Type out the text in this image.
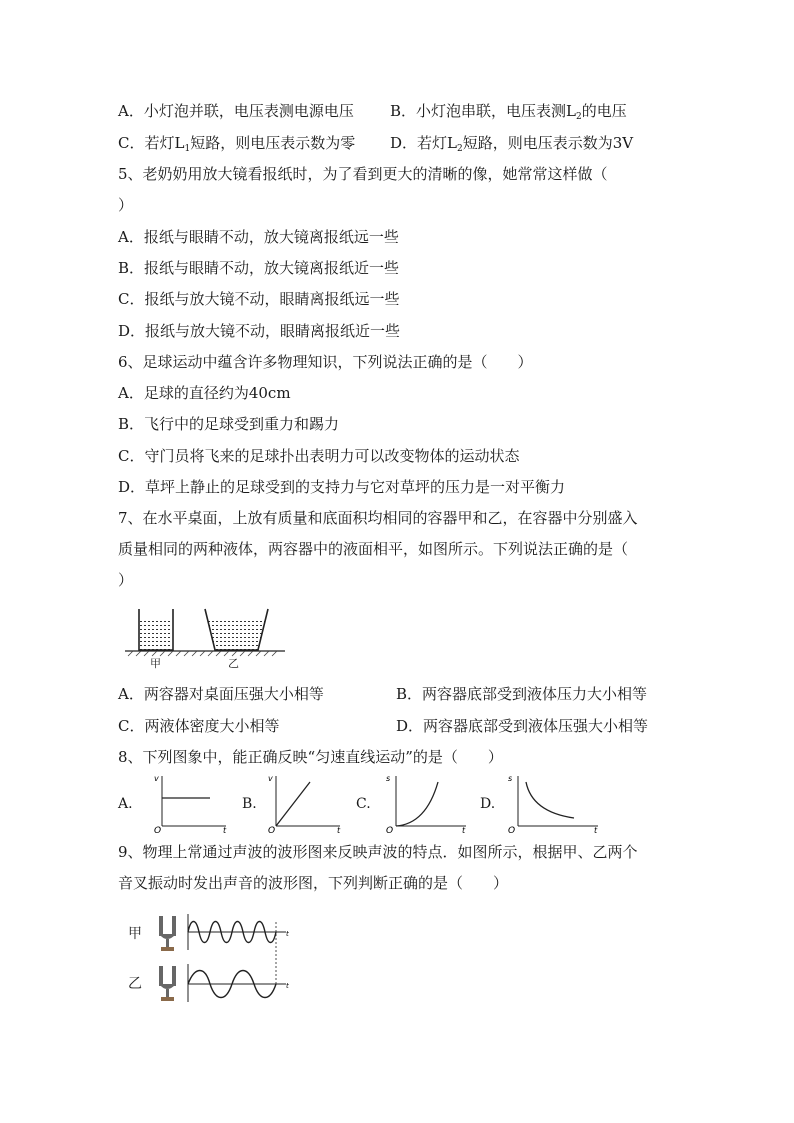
A．小灯泡并联，电压表测电源电压 B．小灯泡串联，电压表测$L_2$的电压
C．若灯$L_1$短路，则电压表示数为零 D．若灯$L_2$短路，则电压表示数为3V
5、老奶奶用放大镜看报纸时，为了看到更大的清晰的像，她常常这样做（
）
A．报纸与眼睛不动，放大镜离报纸远一些
B．报纸与眼睛不动，放大镜离报纸近一些
C．报纸与放大镜不动，眼睛离报纸远一些
D．报纸与放大镜不动，眼睛离报纸近一些
6、足球运动中蕴含许多物理知识，下列说法正确的是（　　）
A．足球的直径约为40cm
B．飞行中的足球受到重力和踢力
C．守门员将飞来的足球扑出表明力可以改变物体的运动状态
D．草坪上静止的足球受到的支持力与它对草坪的压力是一对平衡力
7、在水平桌面，上放有质量和底面积均相同的容器甲和乙，在容器中分别盛入
质量相同的两种液体，两容器中的液面相平，如图所示。下列说法正确的是（
）
甲	乙
A．两容器对桌面压强大小相等	B．两容器底部受到液体压力大小相等
C．两液体密度大小相等	D．两容器底部受到液体压强大小相等
8、下列图象中，能正确反映“匀速直线运动”的是（　　）
A.
v
t
O
B.
v
t
O
C.
s
t
O
D.
s
t
O
9、物理上常通过声波的波形图来反映声波的特点．如图所示，根据甲、乙两个
音叉振动时发出声音的波形图，下列判断正确的是（　　）
甲
乙
t
t
